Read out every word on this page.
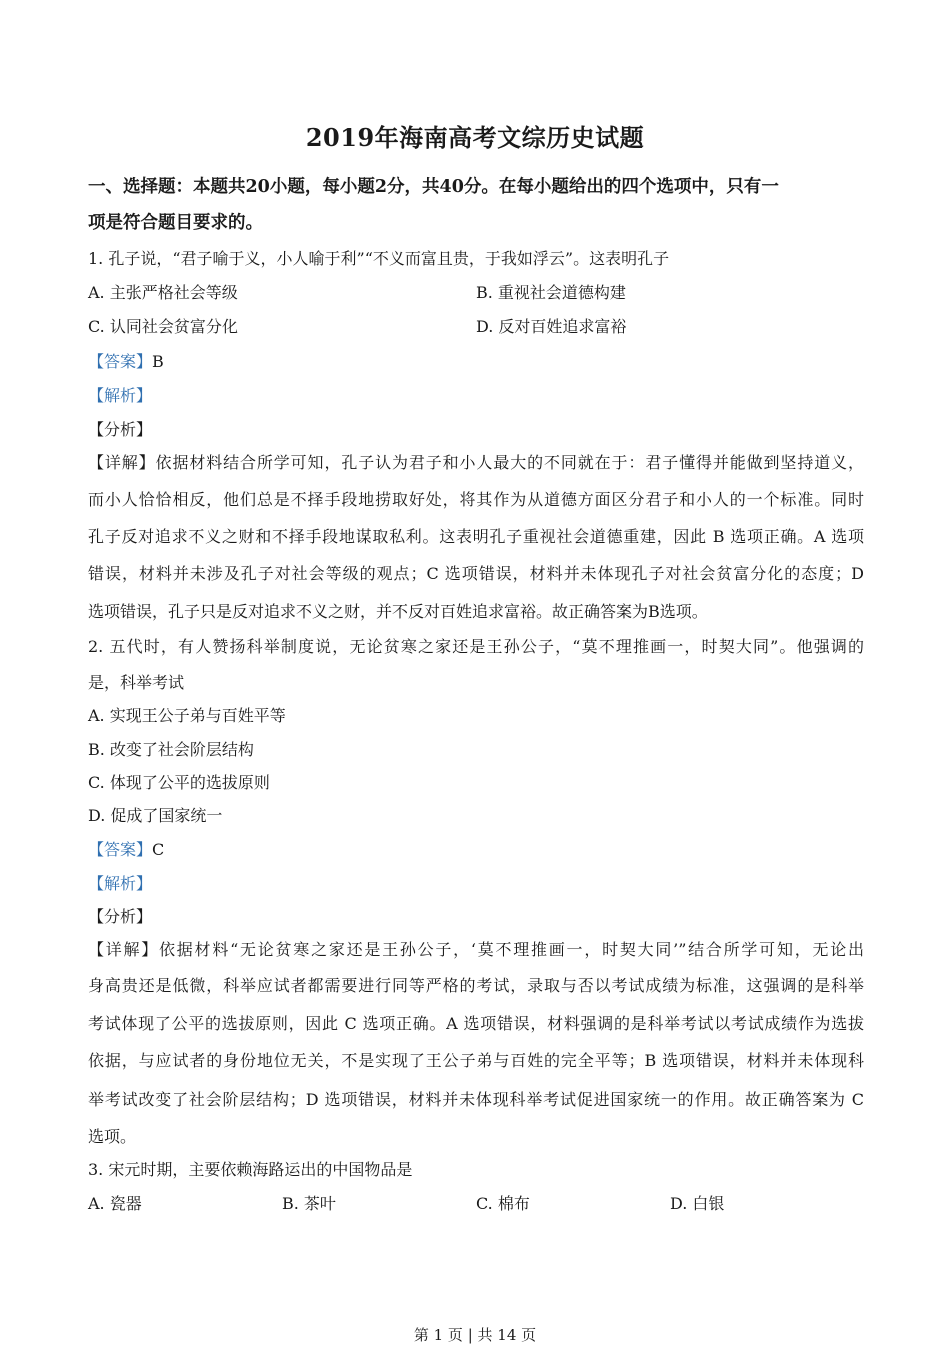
2019年海南高考文综历史试题
一、选择题：本题共20小题，每小题2分，共40分。在每小题给出的四个选项中，只有一
项是符合题目要求的。
1. 孔子说，“君子喻于义，小人喻于利”“不义而富且贵，于我如浮云”。这表明孔子
A. 主张严格社会等级	B. 重视社会道德构建
C. 认同社会贫富分化	D. 反对百姓追求富裕
【答案】B
【解析】
【分析】
【详解】依据材料结合所学可知，孔子认为君子和小人最大的不同就在于：君子懂得并能做到坚持道义，
而小人恰恰相反，他们总是不择手段地捞取好处，将其作为从道德方面区分君子和小人的一个标准。同时
孔子反对追求不义之财和不择手段地谋取私利。这表明孔子重视社会道德重建，因此 B 选项正确。A 选项
错误，材料并未涉及孔子对社会等级的观点；C 选项错误，材料并未体现孔子对社会贫富分化的态度；D
选项错误，孔子只是反对追求不义之财，并不反对百姓追求富裕。故正确答案为B选项。
2. 五代时，有人赞扬科举制度说，无论贫寒之家还是王孙公子，“莫不理推画一，时契大同”。他强调的
是，科举考试
A. 实现王公子弟与百姓平等
B. 改变了社会阶层结构
C. 体现了公平的选拔原则
D. 促成了国家统一
【答案】C
【解析】
【分析】
【详解】依据材料“无论贫寒之家还是王孙公子，‘莫不理推画一，时契大同’”结合所学可知，无论出
身高贵还是低微，科举应试者都需要进行同等严格的考试，录取与否以考试成绩为标准，这强调的是科举
考试体现了公平的选拔原则，因此 C 选项正确。A 选项错误，材料强调的是科举考试以考试成绩作为选拔
依据，与应试者的身份地位无关，不是实现了王公子弟与百姓的完全平等；B 选项错误，材料并未体现科
举考试改变了社会阶层结构；D 选项错误，材料并未体现科举考试促进国家统一的作用。故正确答案为 C
选项。
3. 宋元时期，主要依赖海路运出的中国物品是
A. 瓷器	B. 茶叶	C. 棉布	D. 白银
第 1 页 | 共 14 页
